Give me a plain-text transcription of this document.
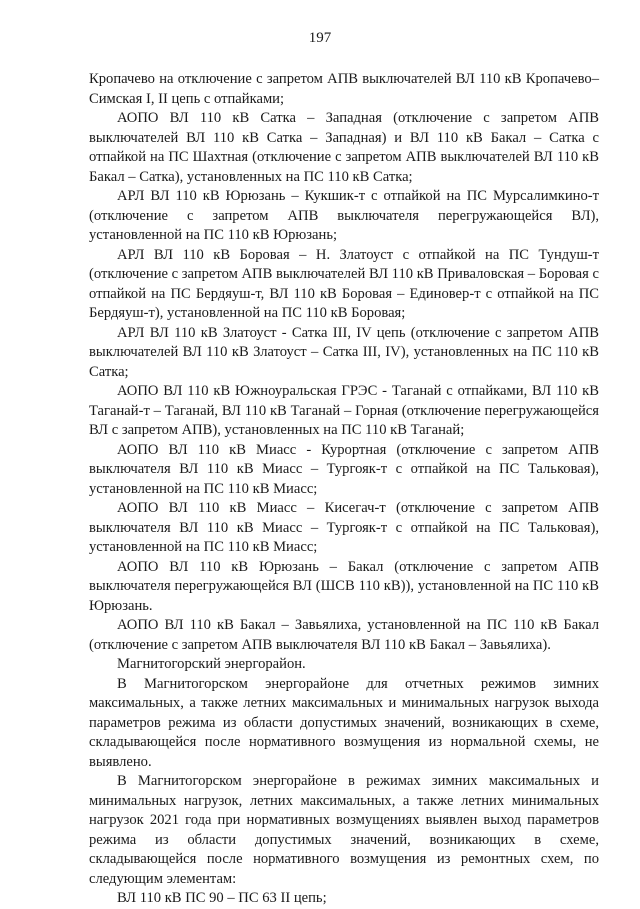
197

Кропачево на отключение с запретом АПВ выключателей ВЛ 110 кВ Кропачево–Симская I, II цепь с отпайками;

АОПО ВЛ 110 кВ Сатка – Западная (отключение с запретом АПВ выключателей ВЛ 110 кВ Сатка – Западная) и ВЛ 110 кВ Бакал – Сатка с отпайкой на ПС Шахтная (отключение с запретом АПВ выключателей ВЛ 110 кВ Бакал – Сатка), установленных на ПС 110 кВ Сатка;

АРЛ ВЛ 110 кВ Юрюзань – Кукшик-т с отпайкой на ПС Мурсалимкино-т (отключение с запретом АПВ выключателя перегружающейся ВЛ), установленной на ПС 110 кВ Юрюзань;

АРЛ ВЛ 110 кВ Боровая – Н. Златоуст с отпайкой на ПС Тундуш-т (отключение с запретом АПВ выключателей ВЛ 110 кВ Приваловская – Боровая с отпайкой на ПС Бердяуш-т, ВЛ 110 кВ Боровая – Единовер-т с отпайкой на ПС Бердяуш-т), установленной на ПС 110 кВ Боровая;

АРЛ ВЛ 110 кВ Златоуст - Сатка III, IV цепь (отключение с запретом АПВ выключателей ВЛ 110 кВ Златоуст – Сатка III, IV), установленных на ПС 110 кВ Сатка;

АОПО ВЛ 110 кВ Южноуральская ГРЭС - Таганай с отпайками, ВЛ 110 кВ Таганай-т – Таганай, ВЛ 110 кВ Таганай – Горная (отключение перегружающейся ВЛ с запретом АПВ), установленных на ПС 110 кВ Таганай;

АОПО ВЛ 110 кВ Миасс - Курортная (отключение с запретом АПВ выключателя ВЛ 110 кВ Миасс – Тургояк-т с отпайкой на ПС Тальковая), установленной на ПС 110 кВ Миасс;

АОПО ВЛ 110 кВ Миасс – Кисегач-т (отключение с запретом АПВ выключателя ВЛ 110 кВ Миасс – Тургояк-т с отпайкой на ПС Тальковая), установленной на ПС 110 кВ Миасс;

АОПО ВЛ 110 кВ Юрюзань – Бакал (отключение с запретом АПВ выключателя перегружающейся ВЛ (ШСВ 110 кВ)), установленной на ПС 110 кВ Юрюзань.

АОПО ВЛ 110 кВ Бакал – Завьялиха, установленной на ПС 110 кВ Бакал (отключение с запретом АПВ выключателя ВЛ 110 кВ Бакал – Завьялиха).

Магнитогорский энергорайон.

В Магнитогорском энергорайоне для отчетных режимов зимних максимальных, а также летних максимальных и минимальных нагрузок выхода параметров режима из области допустимых значений, возникающих в схеме, складывающейся после нормативного возмущения из нормальной схемы, не выявлено.

В Магнитогорском энергорайоне в режимах зимних максимальных и минимальных нагрузок, летних максимальных, а также летних минимальных нагрузок 2021 года при нормативных возмущениях выявлен выход параметров режима из области допустимых значений, возникающих в схеме, складывающейся после нормативного возмущения из ремонтных схем, по следующим элементам:

ВЛ 110 кВ ПС 90 – ПС 63 II цепь;
